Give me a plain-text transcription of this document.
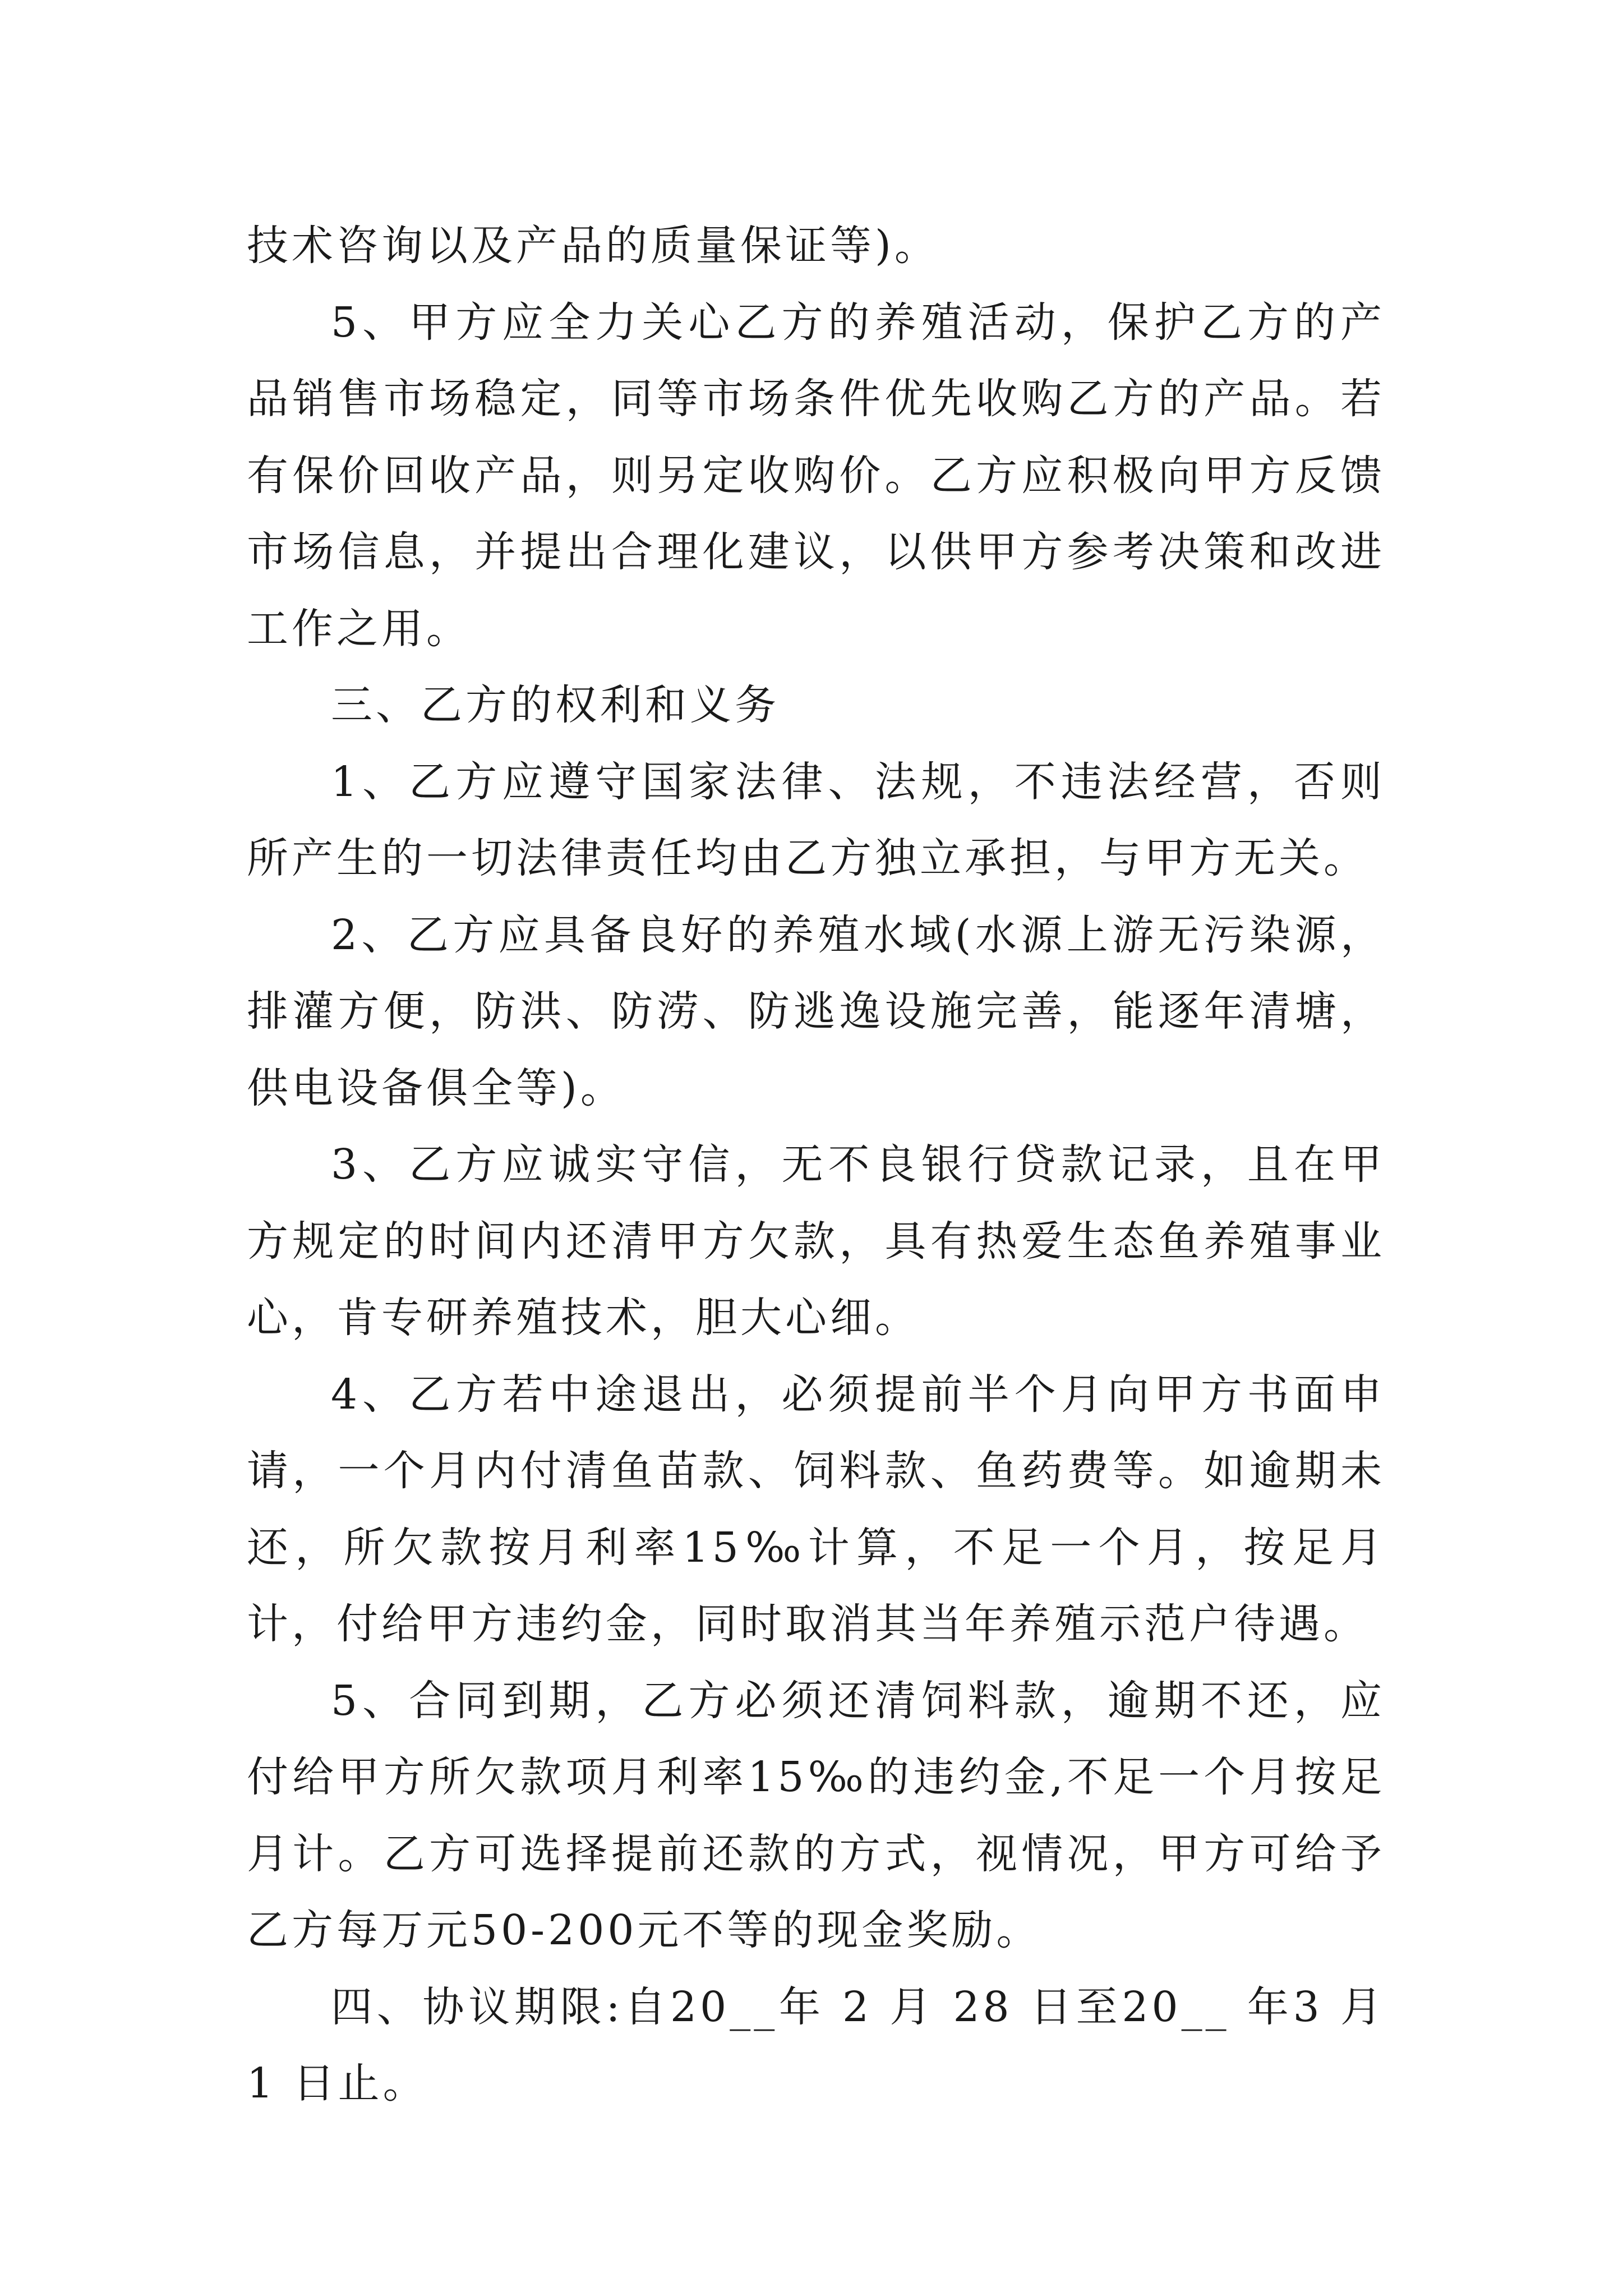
技术咨询以及产品的质量保证等)。

5、甲方应全力关心乙方的养殖活动，保护乙方的产品销售市场稳定，同等市场条件优先收购乙方的产品。若有保价回收产品，则另定收购价。乙方应积极向甲方反馈市场信息，并提出合理化建议，以供甲方参考决策和改进工作之用。

三、乙方的权利和义务

1、乙方应遵守国家法律、法规，不违法经营，否则所产生的一切法律责任均由乙方独立承担，与甲方无关。

2、乙方应具备良好的养殖水域(水源上游无污染源，排灌方便，防洪、防涝、防逃逸设施完善，能逐年清塘，供电设备俱全等)。

3、乙方应诚实守信，无不良银行贷款记录，且在甲方规定的时间内还清甲方欠款，具有热爱生态鱼养殖事业心，肯专研养殖技术，胆大心细。

4、乙方若中途退出，必须提前半个月向甲方书面申请，一个月内付清鱼苗款、饲料款、鱼药费等。如逾期未还，所欠款按月利率15‰计算，不足一个月，按足月计，付给甲方违约金，同时取消其当年养殖示范户待遇。

5、合同到期，乙方必须还清饲料款，逾期不还，应付给甲方所欠款项月利率15‰的违约金,不足一个月按足月计。乙方可选择提前还款的方式，视情况，甲方可给予乙方每万元50-200元不等的现金奖励。

四、协议期限:自20__年 2 月 28 日至20__ 年3 月 1 日止。
